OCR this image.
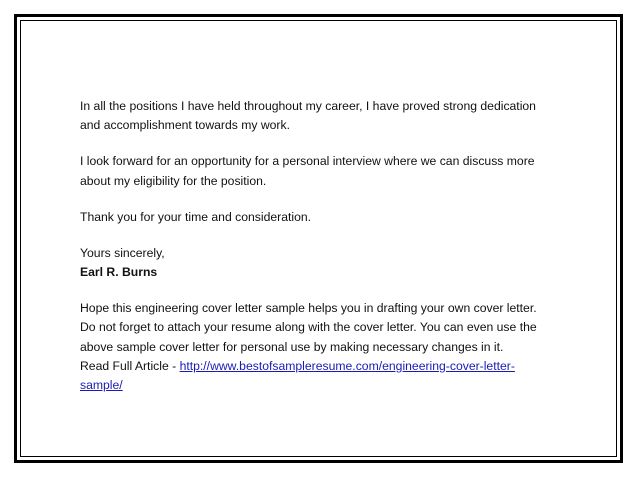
In all the positions I have held throughout my career, I have proved strong dedication
and accomplishment towards my work.

I look forward for an opportunity for a personal interview where we can discuss more
about my eligibility for the position.

Thank you for your time and consideration.

Yours sincerely,
Earl R. Burns

Hope this engineering cover letter sample helps you in drafting your own cover letter.
Do not forget to attach your resume along with the cover letter. You can even use the
above sample cover letter for personal use by making necessary changes in it.
Read Full Article - http://www.bestofsampleresume.com/engineering-cover-letter-
sample/
